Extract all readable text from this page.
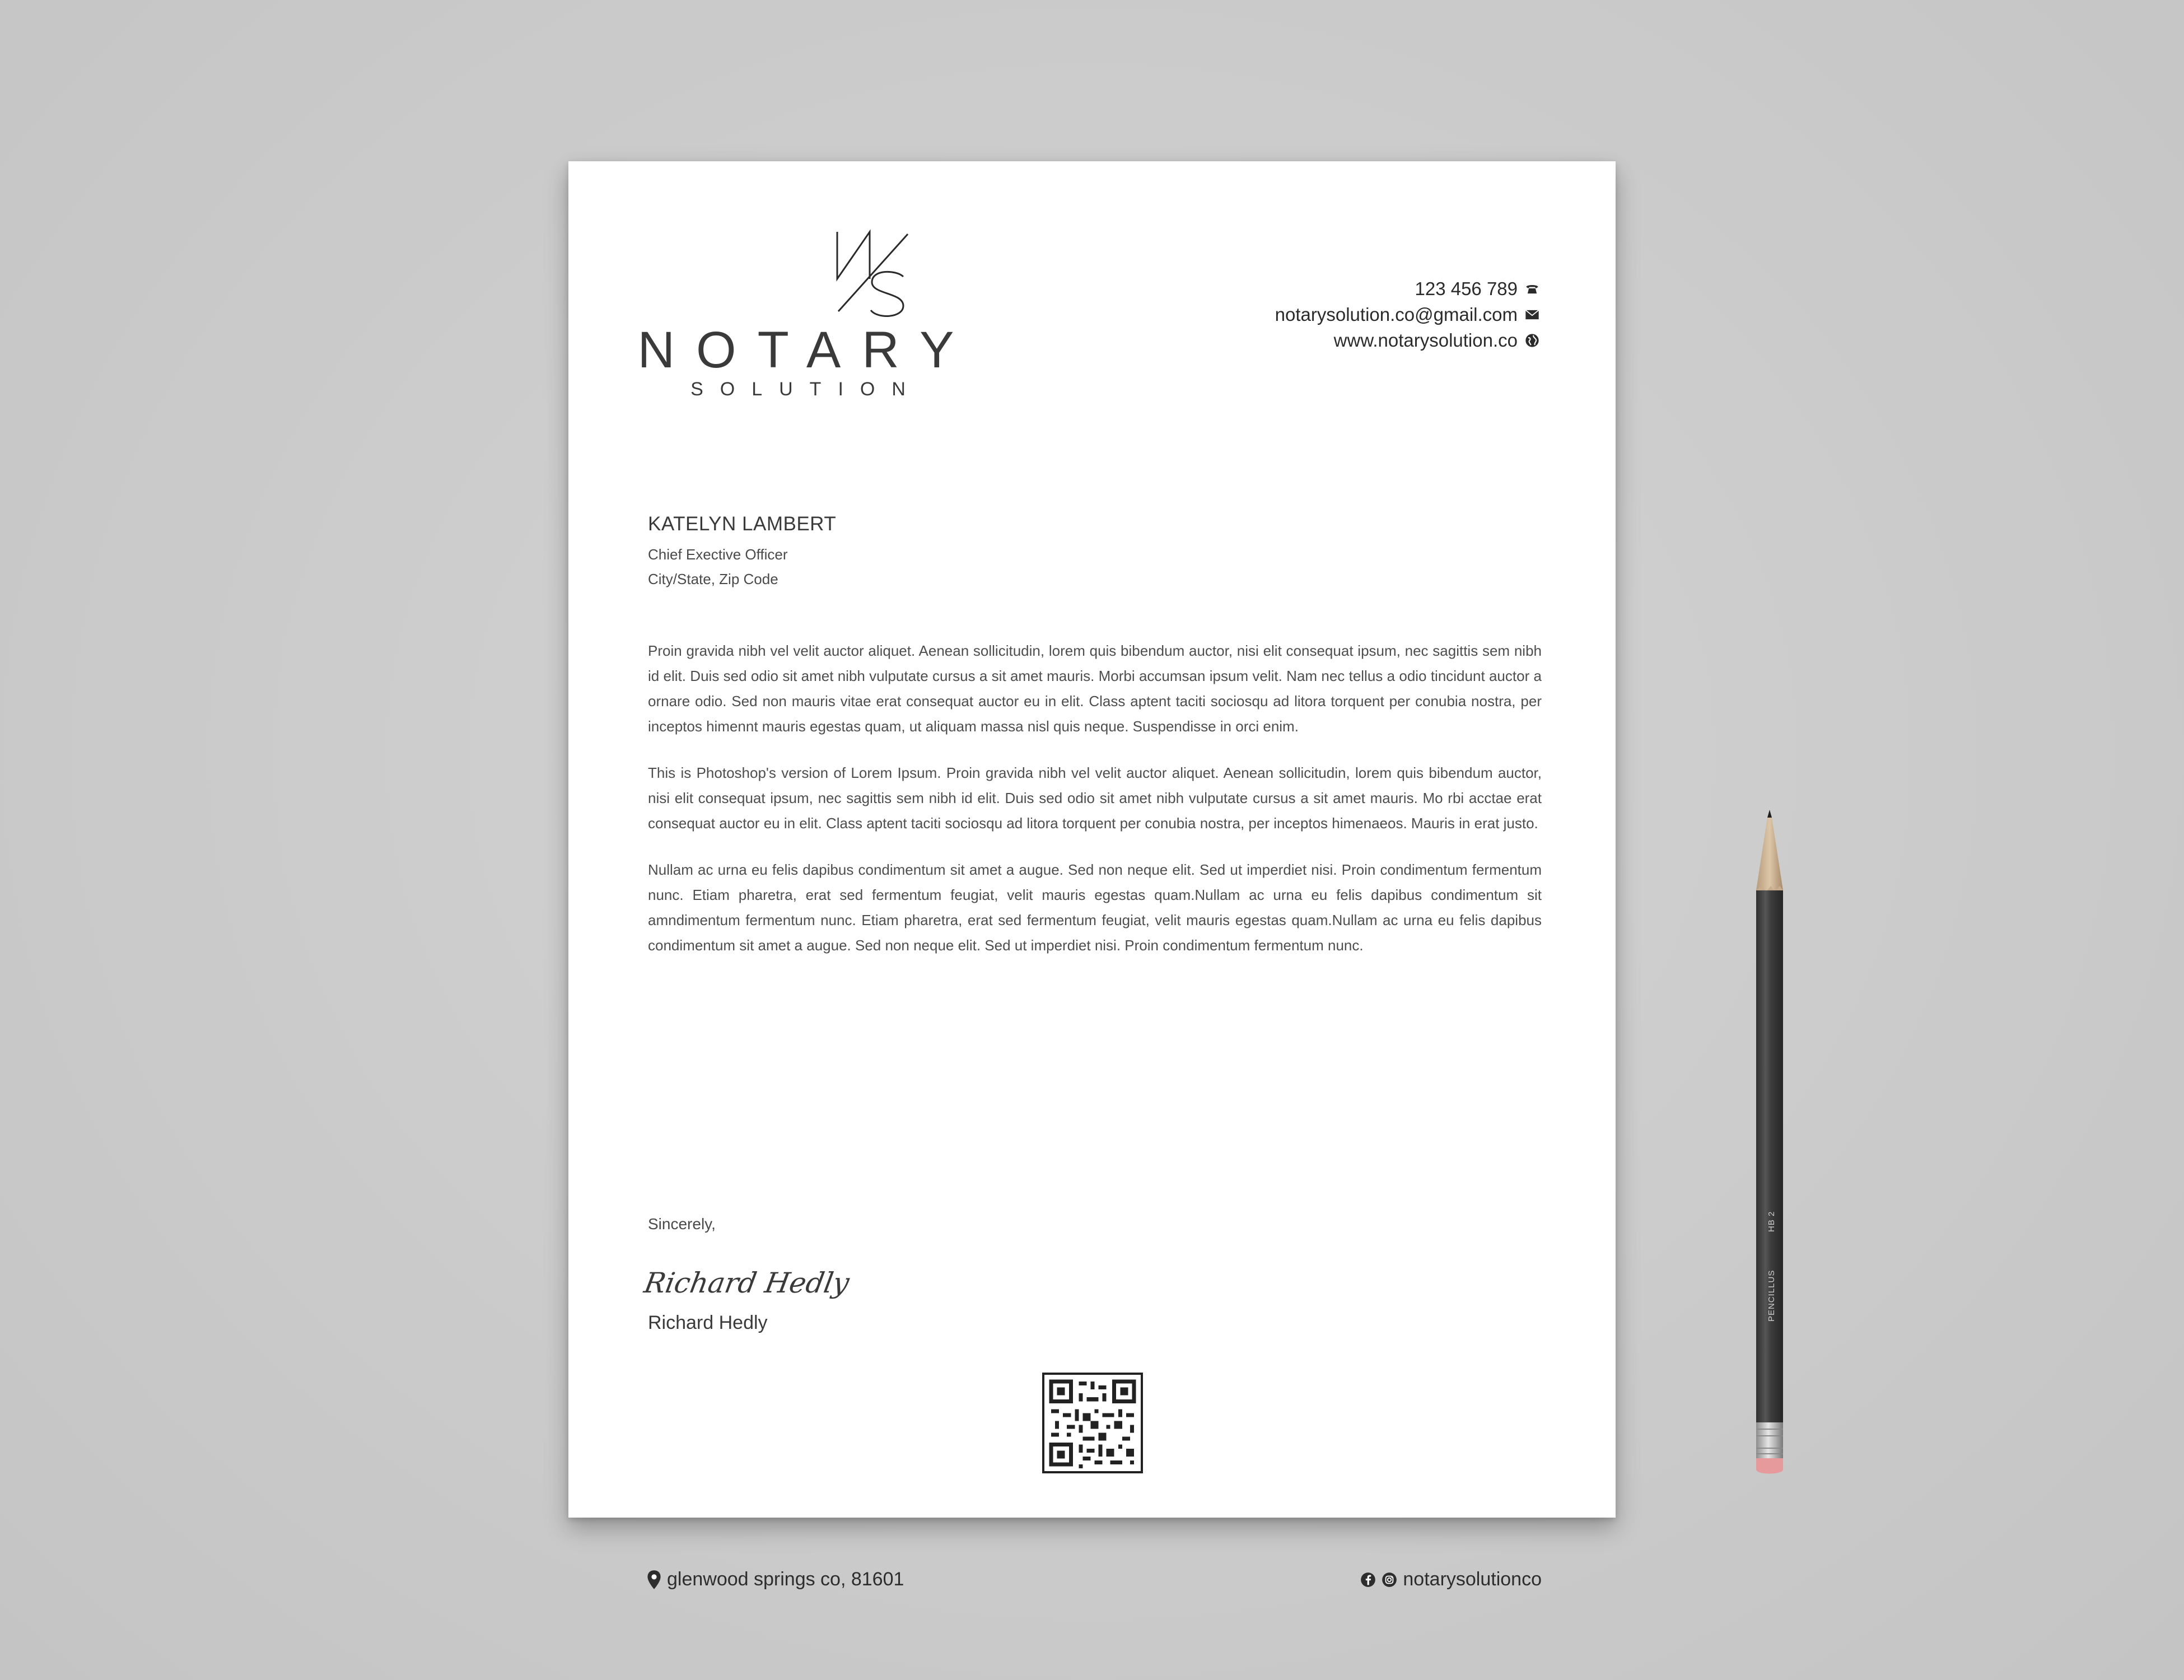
NOTARY
SOLUTION
123 456 789
notarysolution.co@gmail.com
www.notarysolution.co
KATELYN LAMBERT
Chief Exective Officer
City/State, Zip Code

Proin gravida nibh vel velit auctor aliquet. Aenean sollicitudin, lorem quis bibendum auctor, nisi elit consequat ipsum, nec sagittis sem nibh id elit. Duis sed odio sit amet nibh vulputate cursus a sit amet mauris. Morbi accumsan ipsum velit. Nam nec tellus a odio tincidunt auctor a ornare odio. Sed non mauris vitae erat consequat auctor eu in elit. Class aptent taciti sociosqu ad litora torquent per conubia nostra, per inceptos himennt mauris egestas quam, ut aliquam massa nisl quis neque. Suspendisse in orci enim.

This is Photoshop's version of Lorem Ipsum. Proin gravida nibh vel velit auctor aliquet. Aenean sollicitudin, lorem quis bibendum auctor, nisi elit consequat ipsum, nec sagittis sem nibh id elit. Duis sed odio sit amet nibh vulputate cursus a sit amet mauris. Mo rbi acctae erat consequat auctor eu in elit. Class aptent taciti sociosqu ad litora torquent per conubia nostra, per inceptos himenaeos. Mauris in erat justo.

Nullam ac urna eu felis dapibus condimentum sit amet a augue. Sed non neque elit. Sed ut imperdiet nisi. Proin condimentum fermentum nunc. Etiam pharetra, erat sed fermentum feugiat, velit mauris egestas quam.Nullam ac urna eu felis dapibus condimentum sit amndimentum fermentum nunc. Etiam pharetra, erat sed fermentum feugiat, velit mauris egestas quam.Nullam ac urna eu felis dapibus condimentum sit amet a augue. Sed non neque elit. Sed ut imperdiet nisi. Proin condimentum fermentum nunc.

Sincerely,
Richard Hedly
Richard Hedly
glenwood springs co, 81601	notarysolutionco
PENCILLUS
HB 2
